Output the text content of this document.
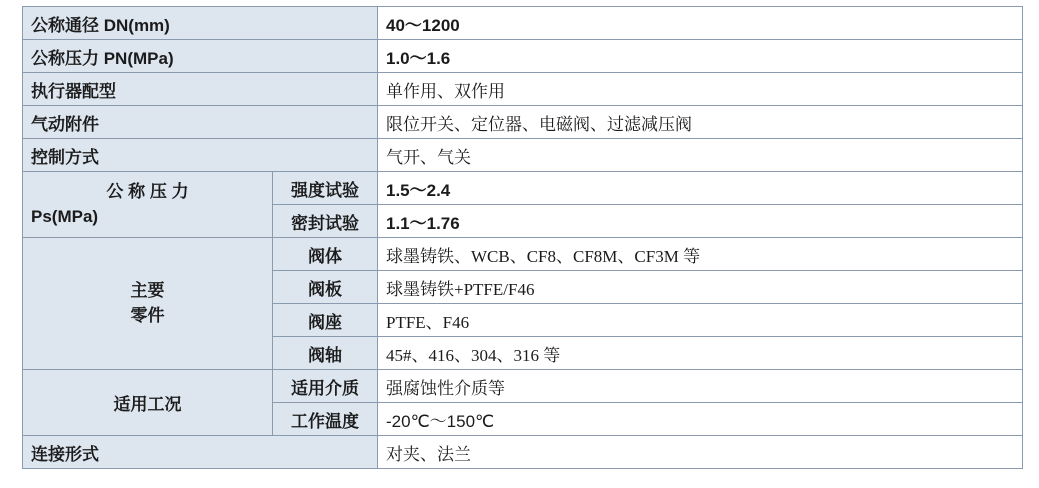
公称通径 DN(mm)		40～1200
公称压力 PN(MPa)		1.0～1.6
执行器配型		单作用、双作用
气动附件		限位开关、定位器、电磁阀、过滤减压阀
控制方式		气开、气关

公 称 压 力
Ps(MPa)	强度试验	1.5～2.4
	密封试验	1.1～1.76

主要
零件	阀体	球墨铸铁、WCB、CF8、CF8M、CF3M 等
	阀板	球墨铸铁+PTFE/F46
	阀座	PTFE、F46
	阀轴	45#、416、304、316 等
适用工况	适用介质	强腐蚀性介质等
	工作温度	-20℃～150℃
连接形式		对夹、法兰
